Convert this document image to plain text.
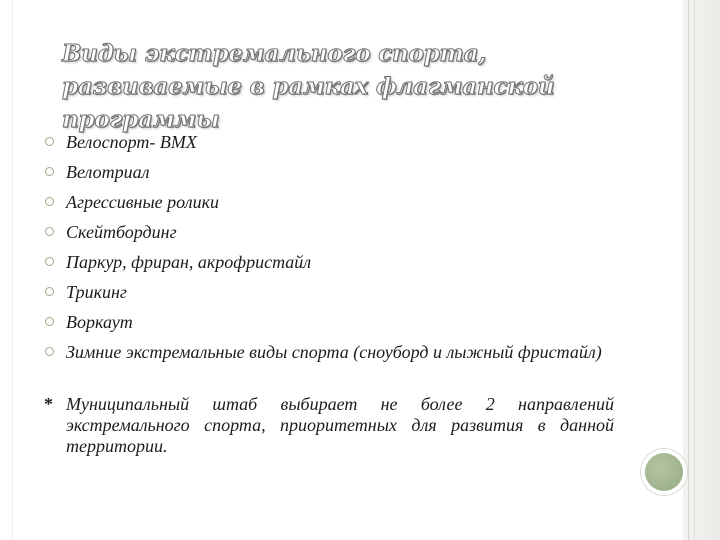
Виды экстремального спорта, развиваемые в рамках флагманской программы
Велоспорт- ВМХ
Велотриал
Агрессивные ролики
Скейтбординг
Паркур, фриран, акрофристайл
Трикинг
Воркаут
Зимние экстремальные виды спорта (сноуборд и лыжный фристайл)
* Муниципальный штаб выбирает не более 2 направлений экстремального спорта, приоритетных для развития в данной территории.
